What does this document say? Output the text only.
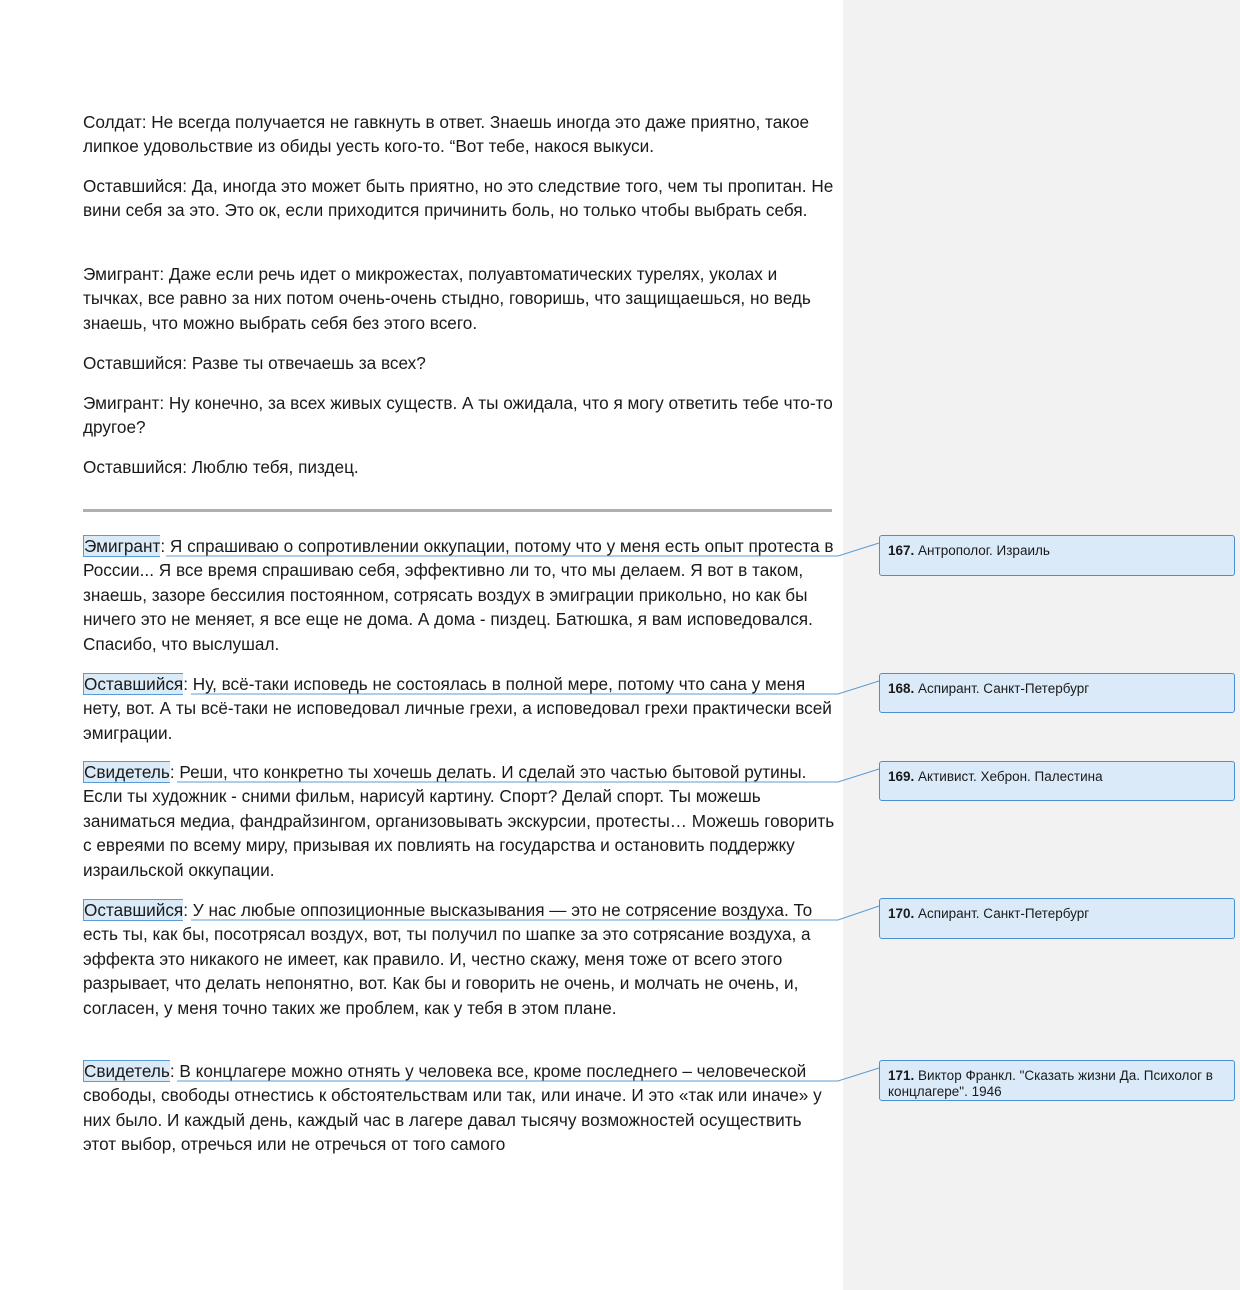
Солдат: Не всегда получается не гавкнуть в ответ. Знаешь иногда это даже приятно, такое липкое удовольствие из обиды уесть кого-то. “Вот тебе, накося выкуси.

Оставшийся: Да, иногда это может быть приятно, но это следствие того, чем ты пропитан. Не вини себя за это. Это ок, если приходится причинить боль, но только чтобы выбрать себя.

Эмигрант: Даже если речь идет о микрожестах, полуавтоматических турелях, уколах и тычках, все равно за них потом очень-очень стыдно, говоришь, что защищаешься, но ведь знаешь, что можно выбрать себя без этого всего.

Оставшийся: Разве ты отвечаешь за всех?

Эмигрант: Ну конечно, за всех живых существ. А ты ожидала, что я могу ответить тебе что-то другое?

Оставшийся: Люблю тебя, пиздец.

Эмигрант: Я спрашиваю о сопротивлении оккупации, потому что у меня есть опыт протеста в России... Я все время спрашиваю себя, эффективно ли то, что мы делаем. Я вот в таком, знаешь, зазоре бессилия постоянном, сотрясать воздух в эмиграции прикольно, но как бы ничего это не меняет, я все еще не дома. А дома - пиздец. Батюшка, я вам исповедовался. Спасибо, что выслушал.

Оставшийся: Ну, всё-таки исповедь не состоялась в полной мере, потому что сана у меня нету, вот. А ты всё-таки не исповедовал личные грехи, а исповедовал грехи практически всей эмиграции.

Свидетель: Реши, что конкретно ты хочешь делать. И сделай это частью бытовой рутины. Если ты художник - сними фильм, нарисуй картину. Спорт? Делай спорт. Ты можешь заниматься медиа, фандрайзингом, организовывать экскурсии, протесты… Можешь говорить с евреями по всему миру, призывая их повлиять на государства и остановить поддержку израильской оккупации.

Оставшийся: У нас любые оппозиционные высказывания — это не сотрясение воздуха. То есть ты, как бы, посотрясал воздух, вот, ты получил по шапке за это сотрясание воздуха, а эффекта это никакого не имеет, как правило. И, честно скажу, меня тоже от всего этого разрывает, что делать непонятно, вот. Как бы и говорить не очень, и молчать не очень, и, согласен, у меня точно таких же проблем, как у тебя в этом плане.

Свидетель: В концлагере можно отнять у человека все, кроме последнего – человеческой свободы, свободы отнестись к обстоятельствам или так, или иначе. И это «так или иначе» у них было. И каждый день, каждый час в лагере давал тысячу возможностей осуществить этот выбор, отречься или не отречься от того самого

167. Антрополог. Израиль
168. Аспирант. Санкт-Петербург
169. Активист. Хеброн. Палестина
170. Аспирант. Санкт-Петербург
171. Виктор Франкл. "Сказать жизни Да. Психолог в концлагере". 1946
